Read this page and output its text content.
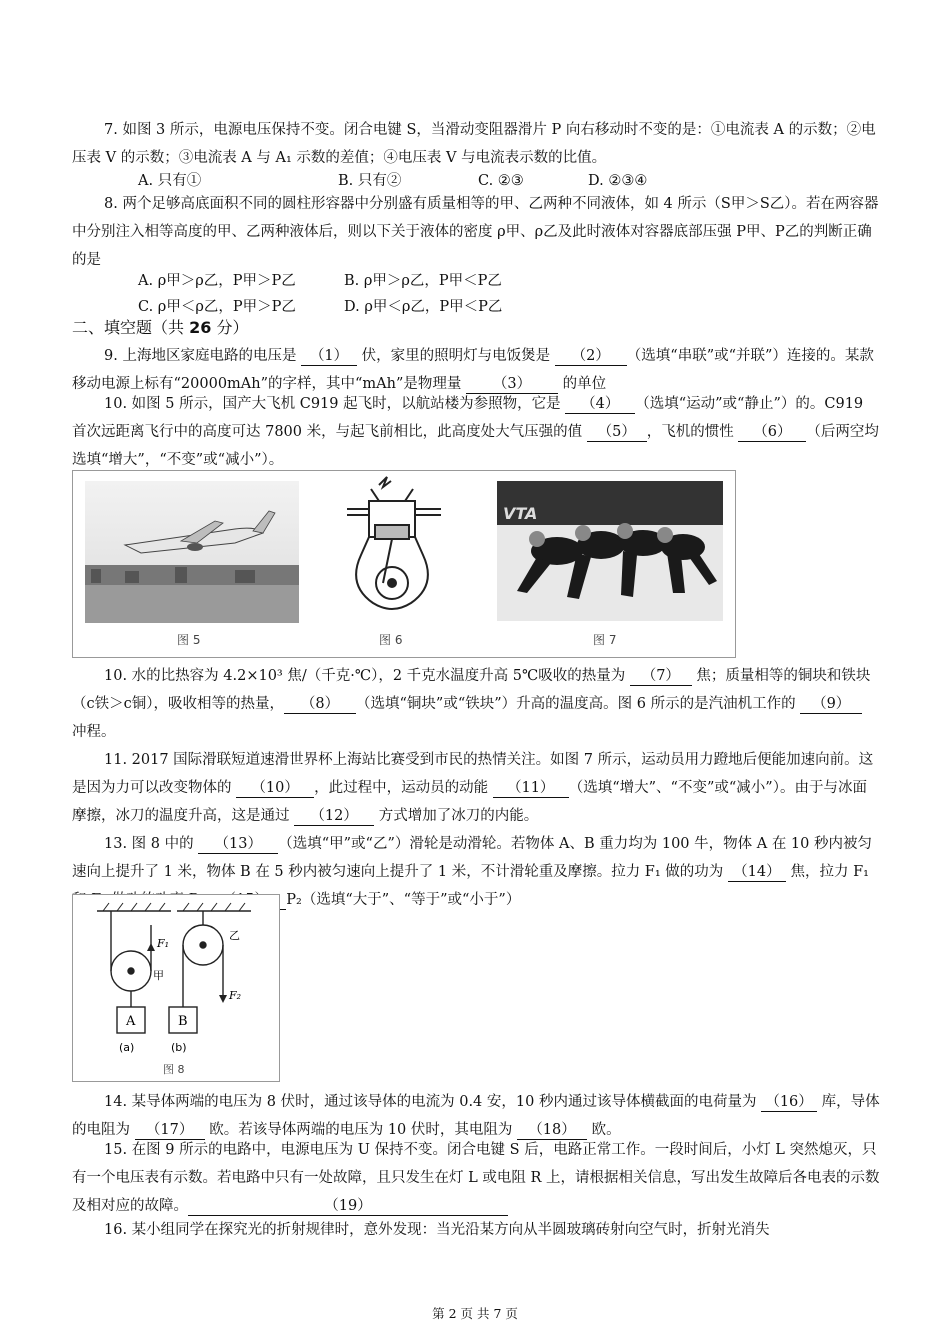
7. 如图 3 所示，电源电压保持不变。闭合电键 S，当滑动变阻器滑片 P 向右移动时不变的是：①电流表 A 的示数；②电压表 V 的示数；③电流表 A 与 A₁ 示数的差值；④电压表 V 与电流表示数的比值。

A. 只有①	B. 只有②	C. ②③	D. ②③④

8. 两个足够高底面积不同的圆柱形容器中分别盛有质量相等的甲、乙两种不同液体，如 4 所示（S甲＞S乙）。若在两容器中分别注入相等高度的甲、乙两种液体后，则以下关于液体的密度 ρ甲、ρ乙及此时液体对容器底部压强 P甲、P乙的判断正确的是

A. ρ甲＞ρ乙，P甲＞P乙	B. ρ甲＞ρ乙，P甲＜P乙
C. ρ甲＜ρ乙，P甲＞P乙	D. ρ甲＜ρ乙，P甲＜P乙
二、填空题（共 26 分）

9. 上海地区家庭电路的电压是 （1） 伏，家里的照明灯与电饭煲是 （2） （选填“串联”或“并联”）连接的。某款移动电源上标有“20000mAh”的字样，其中“mAh”是物理量 （3） 的单位

10. 如图 5 所示，国产大飞机 C919 起飞时，以航站楼为参照物，它是 （4） （选填“运动”或“静止”）的。C919 首次远距离飞行中的高度可达 7800 米，与起飞前相比，此高度处大气压强的值 （5） ，飞机的惯性 （6） （后两空均选填“增大”，“不变”或“减小”）。

图 5	图 6
VTA
图 7

10. 水的比热容为 4.2×10³ 焦/（千克·℃），2 千克水温度升高 5℃吸收的热量为 （7） 焦；质量相等的铜块和铁块（c铁＞c铜），吸收相等的热量， （8） （选填“铜块”或“铁块”）升高的温度高。图 6 所示的是汽油机工作的 （9） 冲程。

11. 2017 国际滑联短道速滑世界杯上海站比赛受到市民的热情关注。如图 7 所示，运动员用力蹬地后便能加速向前。这是因为力可以改变物体的 （10） ，此过程中，运动员的动能 （11） （选填“增大”、“不变”或“减小”）。由于与冰面摩擦，冰刀的温度升高，这是通过 （12） 方式增加了冰刀的内能。

13. 图 8 中的 （13） （选填“甲”或“乙”）滑轮是动滑轮。若物体 A、B 重力均为 100 牛，物体 A 在 10 秒内被匀速向上提升了 1 米，物体 B 在 5 秒内被匀速向上提升了 1 米，不计滑轮重及摩擦。拉力 F₁ 做的功为 （14） 焦，拉力 F₁ P₂（选填“大于”、“等于”或“小于”）

F₁
甲
乙
F₂
A	B
(a)	(b)
图 8

14. 某导体两端的电压为 8 伏时，通过该导体的电流为 0.4 安，10 秒内通过该导体横截面的电荷量为 （16） 库，导体的电阻为 （17） 欧。若该导体两端的电压为 10 伏时，其电阻为 （18） 欧。

15. 在图 9 所示的电路中，电源电压为 U 保持不变。闭合电键 S 后，电路正常工作。一段时间后，小灯 L 突然熄灭，只有一个电压表有示数。若电路中只有一处故障，且只发生在灯 L 或电阻 R 上，请根据相关信息，写出发生故障后各电表的示数及相对应的故障。	（19）

16. 某小组同学在探究光的折射规律时，意外发现：当光沿某方向从半圆玻璃砖射向空气时，折射光消失

第 2 页 共 7 页
